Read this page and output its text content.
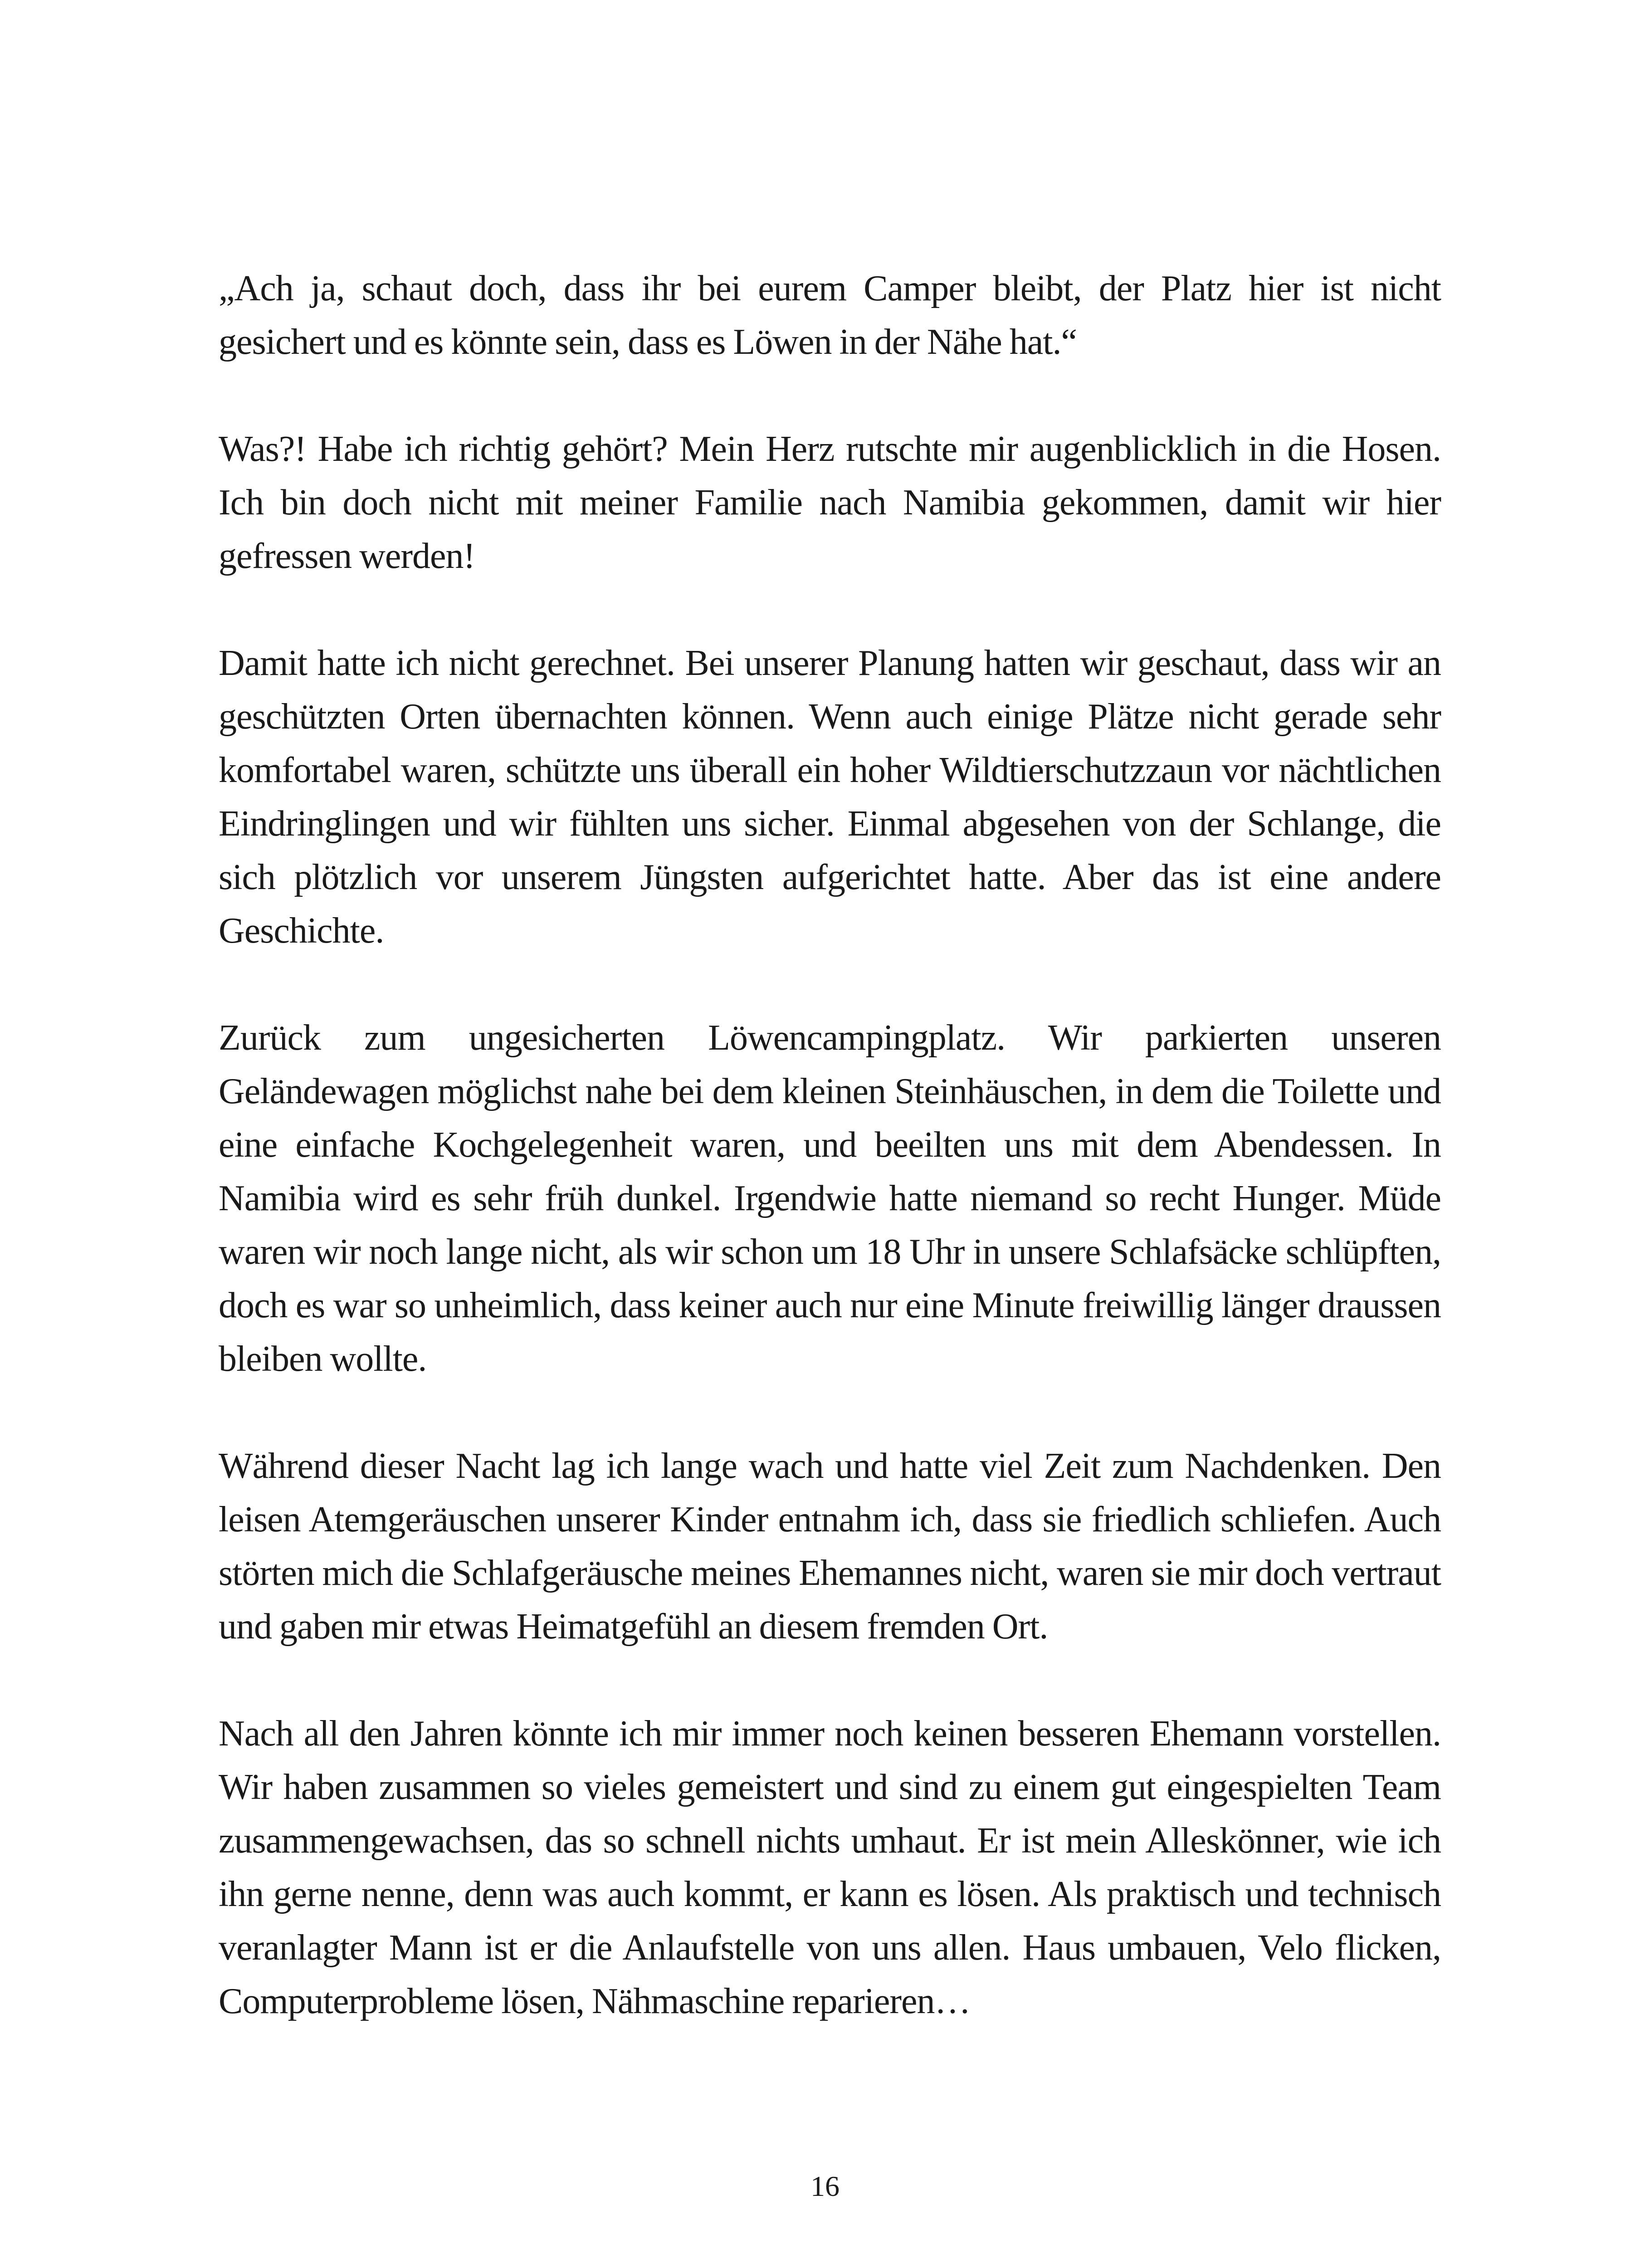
„Ach ja, schaut doch, dass ihr bei eurem Camper bleibt, der Platz hier ist nicht gesichert und es könnte sein, dass es Löwen in der Nähe hat.“

Was?! Habe ich richtig gehört? Mein Herz rutschte mir augenblicklich in die Hosen. Ich bin doch nicht mit meiner Familie nach Namibia gekommen, damit wir hier gefressen werden!

Damit hatte ich nicht gerechnet. Bei unserer Planung hatten wir geschaut, dass wir an geschützten Orten übernachten können. Wenn auch einige Plätze nicht gerade sehr komfortabel waren, schützte uns überall ein hoher Wildtierschutzzaun vor nächtlichen Eindringlingen und wir fühlten uns sicher. Einmal abgesehen von der Schlange, die sich plötzlich vor unserem Jüngsten aufgerichtet hatte. Aber das ist eine andere Geschichte.

Zurück zum ungesicherten Löwencampingplatz. Wir parkierten unseren Geländewagen möglichst nahe bei dem kleinen Steinhäuschen, in dem die Toilette und eine einfache Kochgelegenheit waren, und beeilten uns mit dem Abendessen. In Namibia wird es sehr früh dunkel. Irgendwie hatte niemand so recht Hunger. Müde waren wir noch lange nicht, als wir schon um 18 Uhr in unsere Schlafsäcke schlüpften, doch es war so unheimlich, dass keiner auch nur eine Minute freiwillig länger draussen bleiben wollte.

Während dieser Nacht lag ich lange wach und hatte viel Zeit zum Nachdenken. Den leisen Atemgeräuschen unserer Kinder entnahm ich, dass sie friedlich schliefen. Auch störten mich die Schlafgeräusche meines Ehemannes nicht, waren sie mir doch vertraut und gaben mir etwas Heimatgefühl an diesem fremden Ort.

Nach all den Jahren könnte ich mir immer noch keinen besseren Ehemann vorstellen. Wir haben zusammen so vieles gemeistert und sind zu einem gut eingespielten Team zusammengewachsen, das so schnell nichts umhaut. Er ist mein Alleskönner, wie ich ihn gerne nenne, denn was auch kommt, er kann es lösen. Als praktisch und technisch veranlagter Mann ist er die Anlaufstelle von uns allen. Haus umbauen, Velo flicken, Computerprobleme lösen, Nähmaschine reparieren…

16
